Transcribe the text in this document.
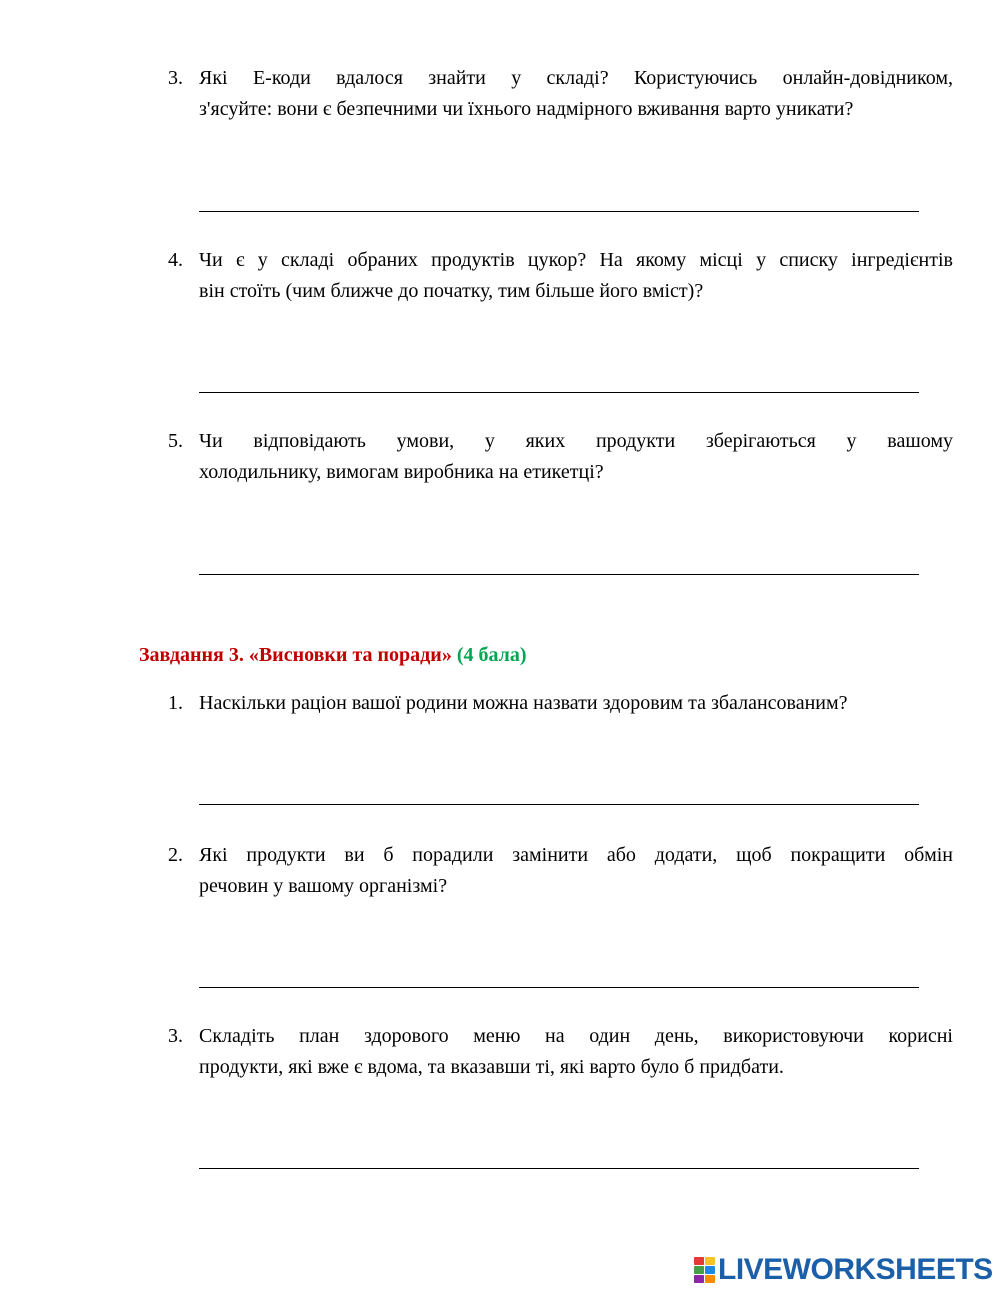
3. Які Е-коди вдалося знайти у складі? Користуючись онлайн-довідником,
з'ясуйте: вони є безпечними чи їхнього надмірного вживання варто уникати?
4. Чи є у складі обраних продуктів цукор? На якому місці у списку інгредієнтів
він стоїть (чим ближче до початку, тим більше його вміст)?
5. Чи відповідають умови, у яких продукти зберігаються у вашому
холодильнику, вимогам виробника на етикетці?
Завдання 3. «Висновки та поради» (4 бала)
1. Наскільки раціон вашої родини можна назвати здоровим та збалансованим?
2. Які продукти ви б порадили замінити або додати, щоб покращити обмін
речовин у вашому організмі?
3. Складіть план здорового меню на один день, використовуючи корисні
продукти, які вже є вдома, та вказавши ті, які варто було б придбати.
LIVEWORKSHEETS
